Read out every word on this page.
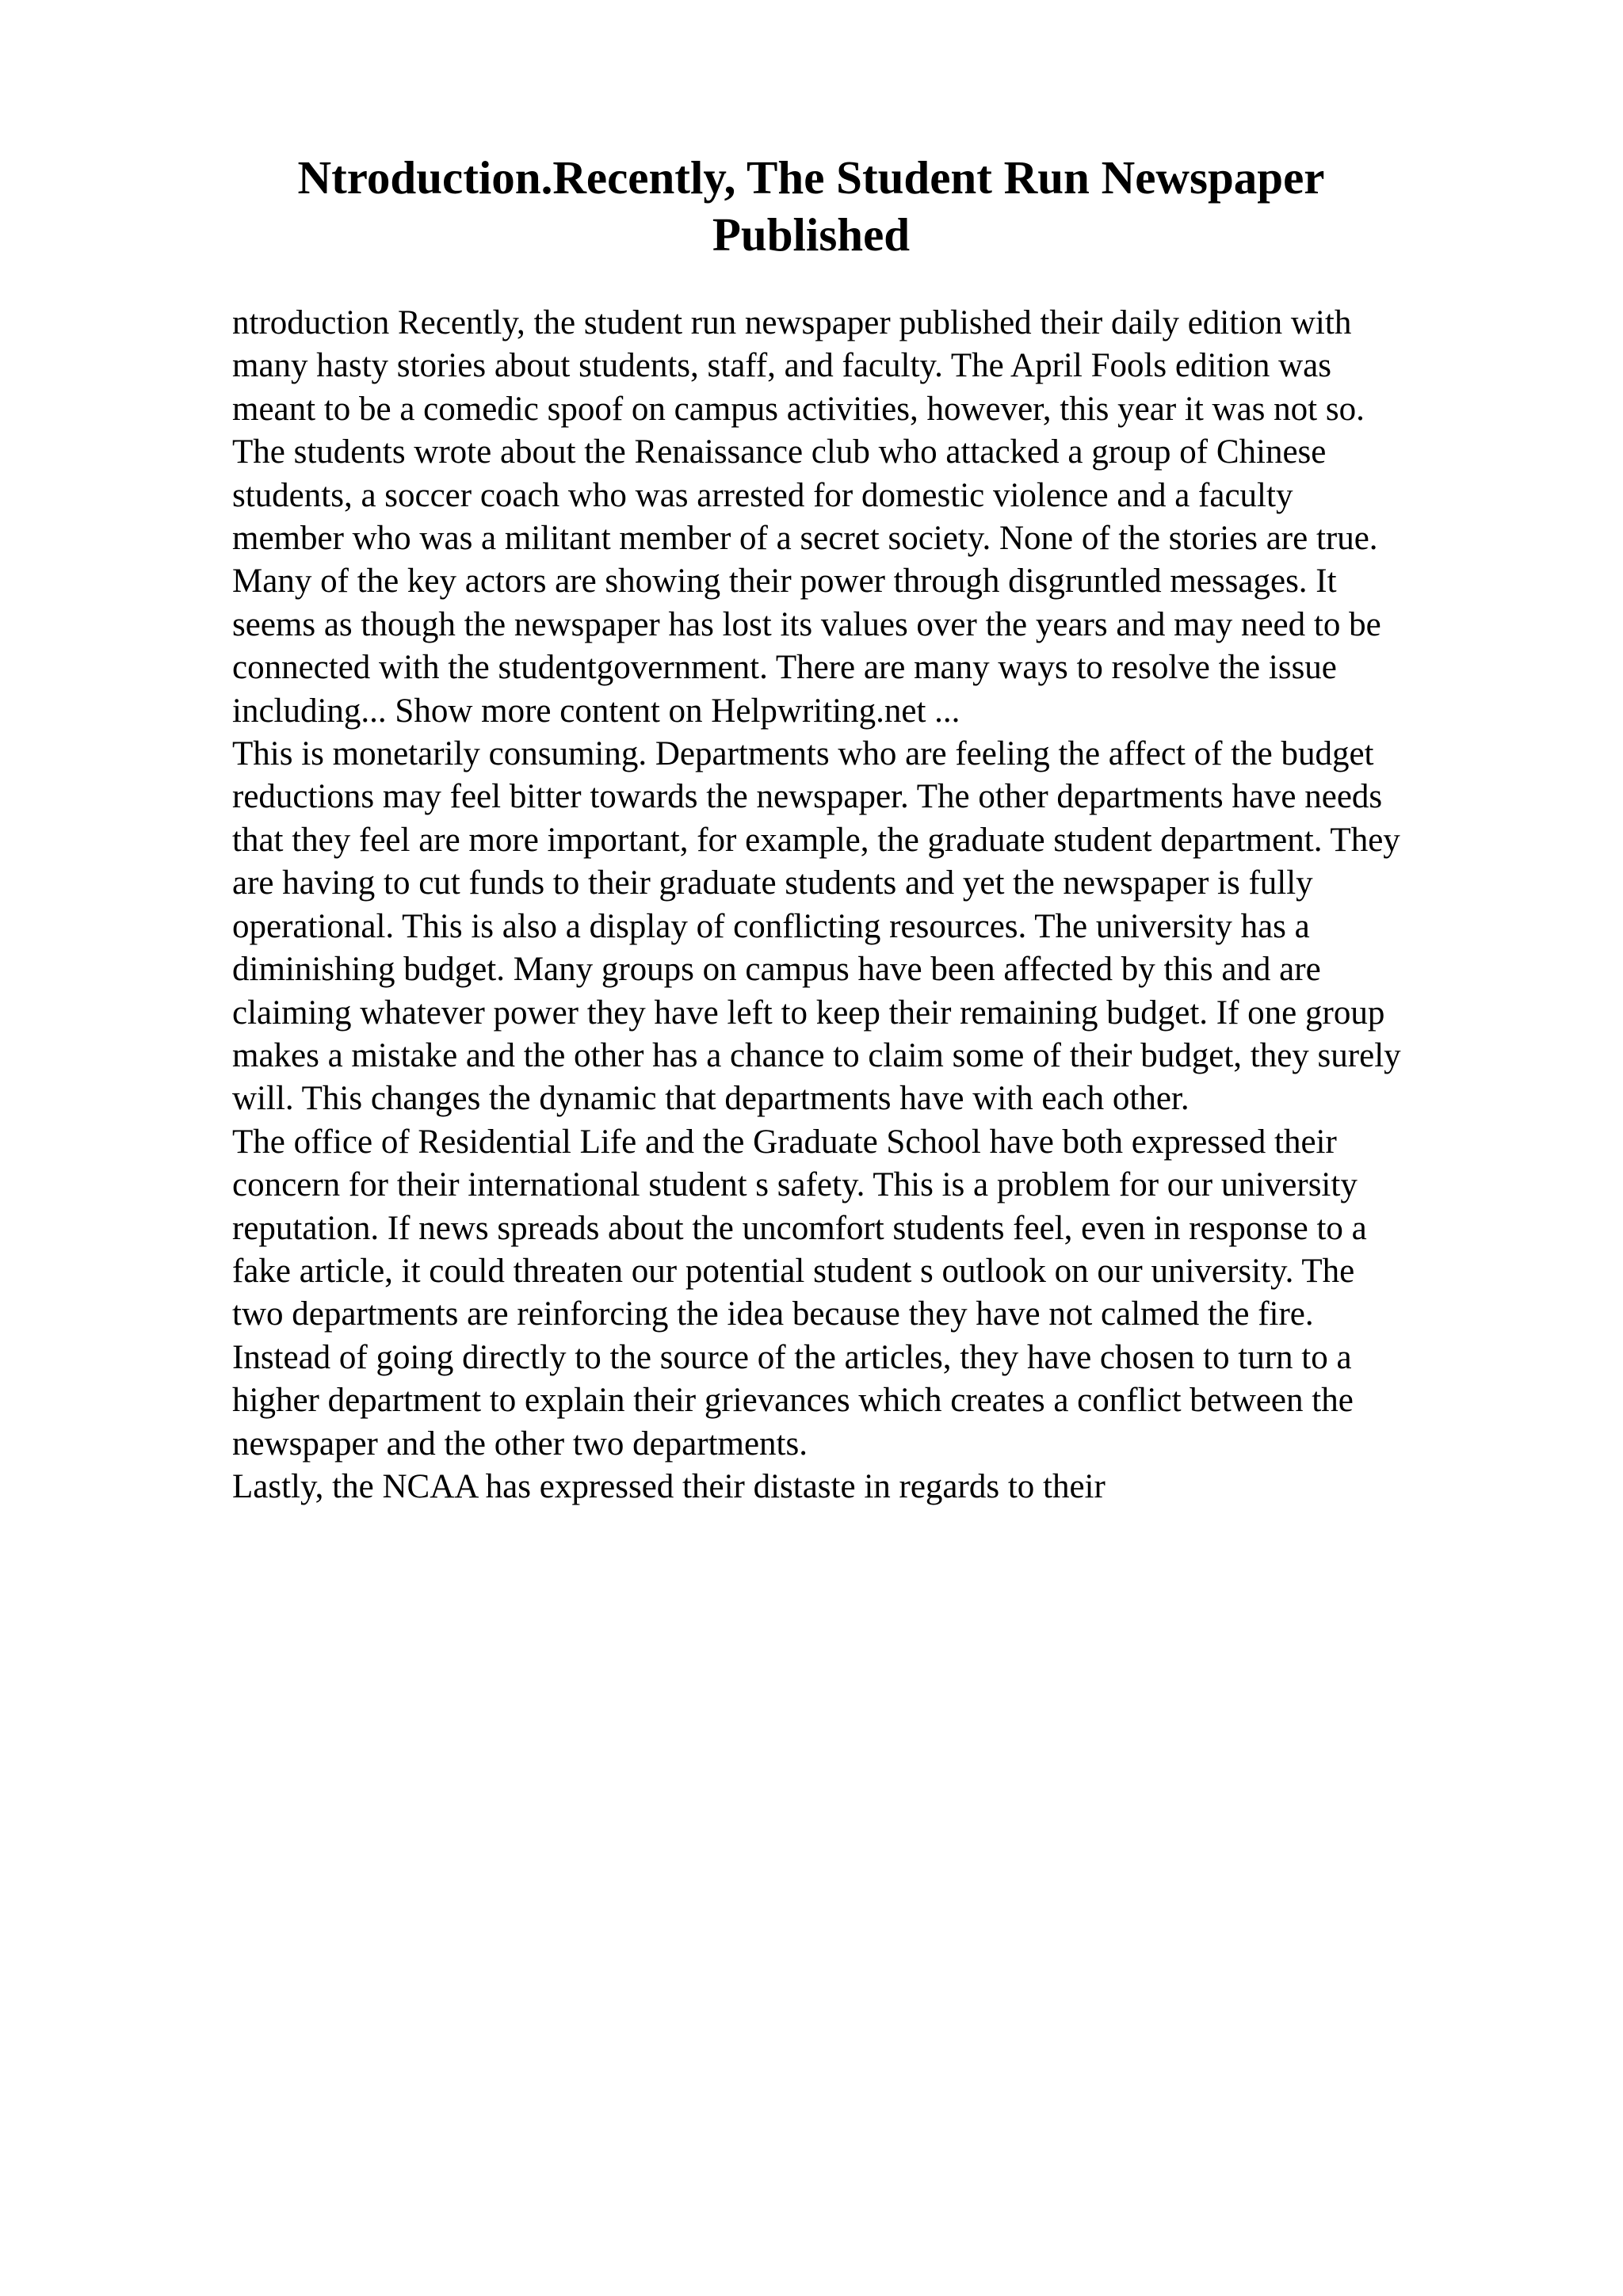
Ntroduction.Recently, The Student Run Newspaper
Published

ntroduction Recently, the student run newspaper published their daily edition with

many hasty stories about students, staff, and faculty. The April Fools edition was

meant to be a comedic spoof on campus activities, however, this year it was not so.

The students wrote about the Renaissance club who attacked a group of Chinese

students, a soccer coach who was arrested for domestic violence and a faculty

member who was a militant member of a secret society. None of the stories are true.

Many of the key actors are showing their power through disgruntled messages. It

seems as though the newspaper has lost its values over the years and may need to be

connected with the studentgovernment. There are many ways to resolve the issue

including... Show more content on Helpwriting.net ...

This is monetarily consuming. Departments who are feeling the affect of the budget

reductions may feel bitter towards the newspaper. The other departments have needs

that they feel are more important, for example, the graduate student department. They

are having to cut funds to their graduate students and yet the newspaper is fully

operational. This is also a display of conflicting resources. The university has a

diminishing budget. Many groups on campus have been affected by this and are

claiming whatever power they have left to keep their remaining budget. If one group

makes a mistake and the other has a chance to claim some of their budget, they surely

will. This changes the dynamic that departments have with each other.

The office of Residential Life and the Graduate School have both expressed their

concern for their international student s safety. This is a problem for our university

reputation. If news spreads about the uncomfort students feel, even in response to a

fake article, it could threaten our potential student s outlook on our university. The

two departments are reinforcing the idea because they have not calmed the fire.

Instead of going directly to the source of the articles, they have chosen to turn to a

higher department to explain their grievances which creates a conflict between the

newspaper and the other two departments.

Lastly, the NCAA has expressed their distaste in regards to their
